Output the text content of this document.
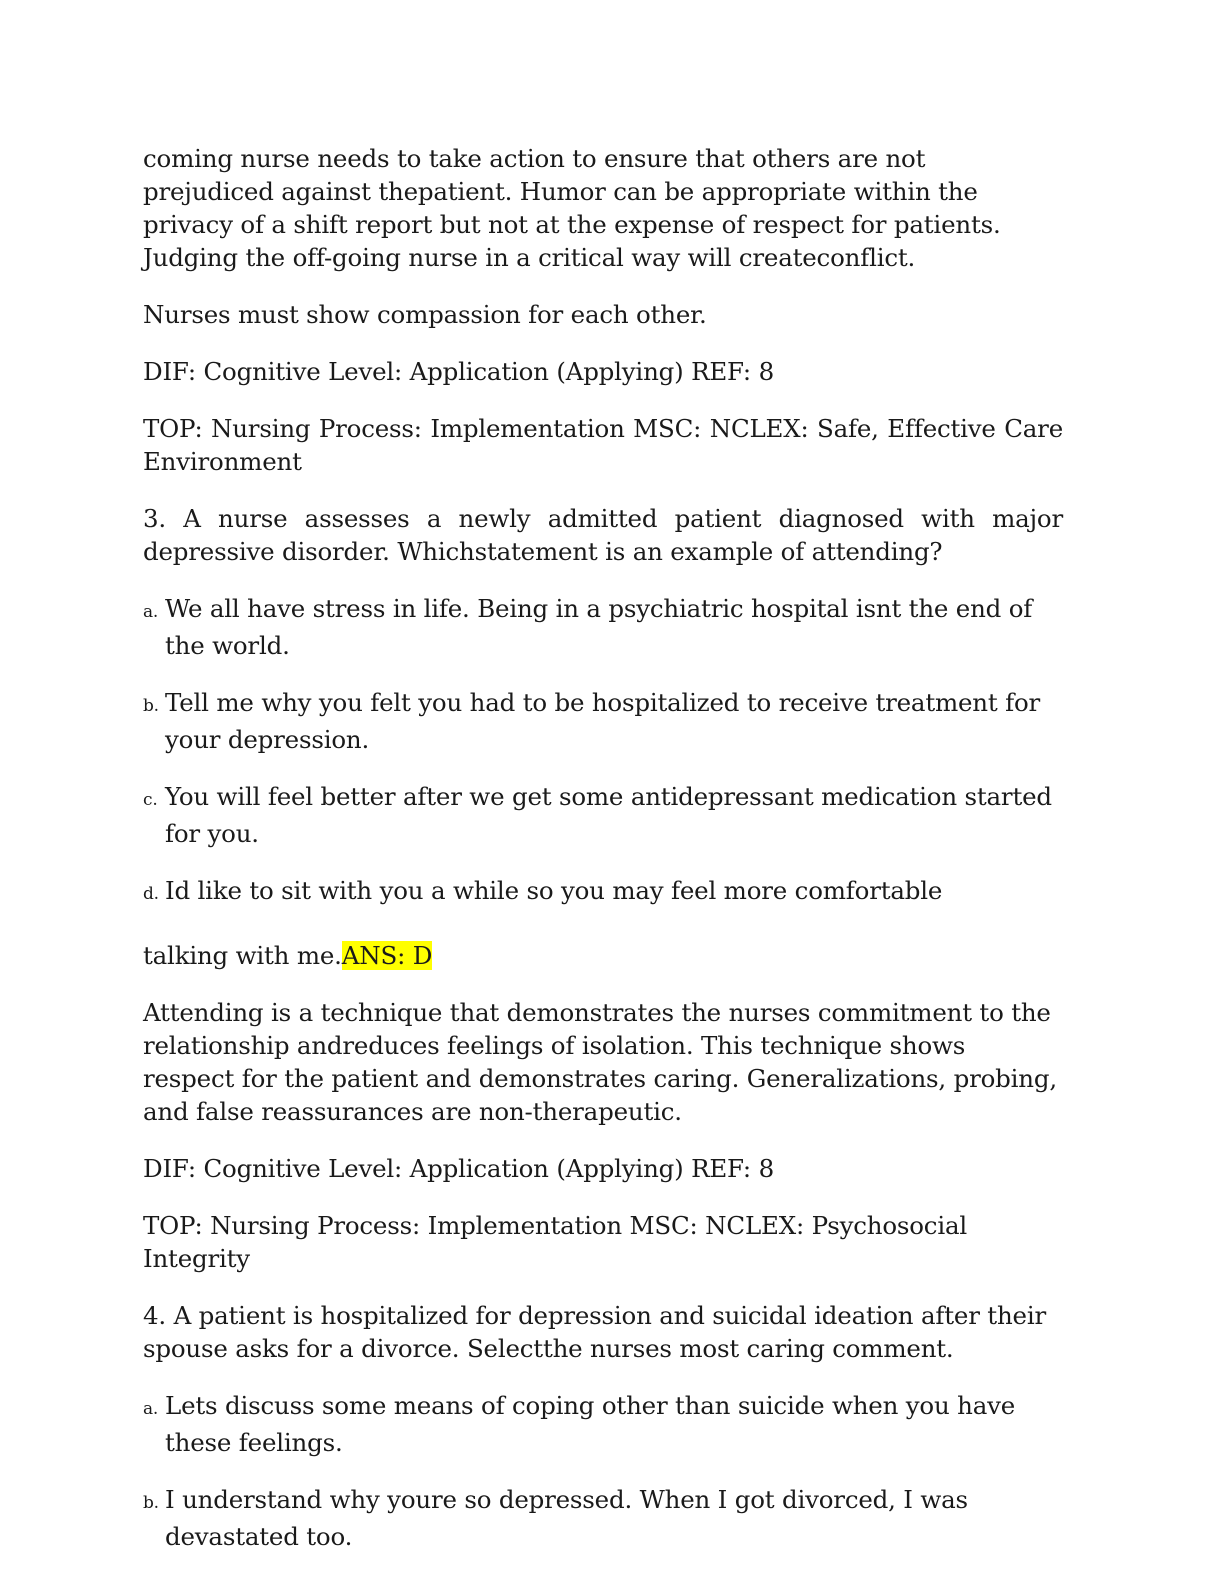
coming nurse needs to take action to ensure that others are not prejudiced against thepatient. Humor can be appropriate within the privacy of a shift report but not at the expense of respect for patients. Judging the off-going nurse in a critical way will createconflict.

Nurses must show compassion for each other.

DIF: Cognitive Level: Application (Applying) REF: 8

TOP: Nursing Process: Implementation MSC: NCLEX: Safe, Effective Care Environment

3. A nurse assesses a newly admitted patient diagnosed with major depressive disorder. Whichstatement is an example of attending?

a. We all have stress in life. Being in a psychiatric hospital isnt the end of the world.

b. Tell me why you felt you had to be hospitalized to receive treatment for your depression.

c. You will feel better after we get some antidepressant medication started for you.

d. Id like to sit with you a while so you may feel more comfortable

talking with me.ANS: D

Attending is a technique that demonstrates the nurses commitment to the relationship andreduces feelings of isolation. This technique shows respect for the patient and demonstrates caring. Generalizations, probing, and false reassurances are non-therapeutic.

DIF: Cognitive Level: Application (Applying) REF: 8

TOP: Nursing Process: Implementation MSC: NCLEX: Psychosocial Integrity

4. A patient is hospitalized for depression and suicidal ideation after their spouse asks for a divorce. Selectthe nurses most caring comment.

a. Lets discuss some means of coping other than suicide when you have these feelings.

b. I understand why youre so depressed. When I got divorced, I was devastated too.
